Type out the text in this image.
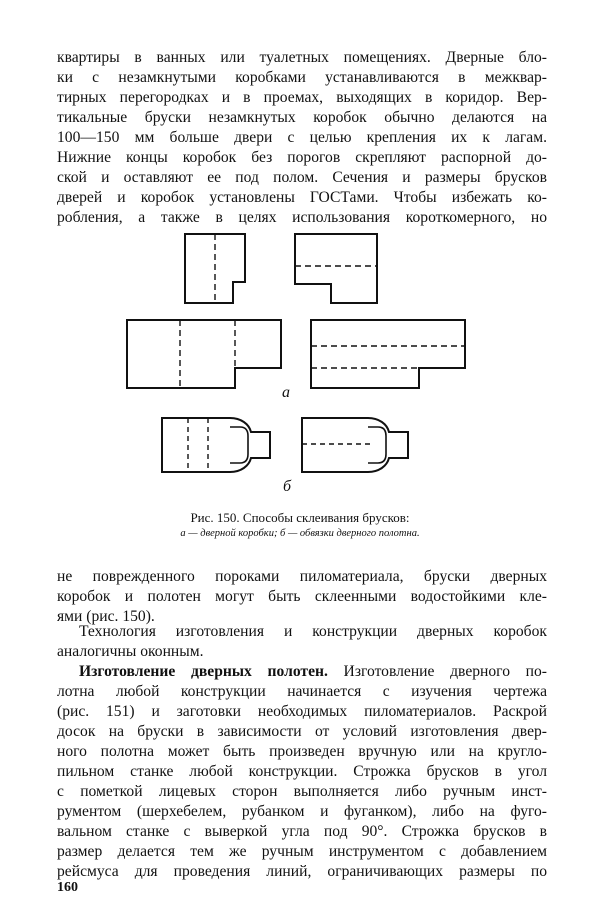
квартиры в ванных или туалетных помещениях. Дверные бло-
ки с незамкнутыми коробками устанавливаются в межквар-
тирных перегородках и в проемах, выходящих в коридор. Вер-
тикальные бруски незамкнутых коробок обычно делаются на
100—150 мм больше двери с целью крепления их к лагам.
Нижние концы коробок без порогов скрепляют распорной до-
ской и оставляют ее под полом. Сечения и размеры брусков
дверей и коробок установлены ГОСТами. Чтобы избежать ко-
робления, а также в целях использования короткомерного, но
а
б
Рис. 150. Способы склеивания брусков:
а — дверной коробки; б — обвязки дверного полотна.
не поврежденного пороками пиломатериала, бруски дверных
коробок и полотен могут быть склеенными водостойкими кле-
ями (рис. 150).
Технология изготовления и конструкции дверных коробок
аналогичны оконным.
Изготовление дверных полотен. Изготовление дверного по-
лотна любой конструкции начинается с изучения чертежа
(рис. 151) и заготовки необходимых пиломатериалов. Раскрой
досок на бруски в зависимости от условий изготовления двер-
ного полотна может быть произведен вручную или на кругло-
пильном станке любой конструкции. Строжка брусков в угол
с пометкой лицевых сторон выполняется либо ручным инст-
рументом (шерхебелем, рубанком и фуганком), либо на фуго-
вальном станке с выверкой угла под 90°. Строжка брусков в
размер делается тем же ручным инструментом с добавлением
рейсмуса для проведения линий, ограничивающих размеры по
160
